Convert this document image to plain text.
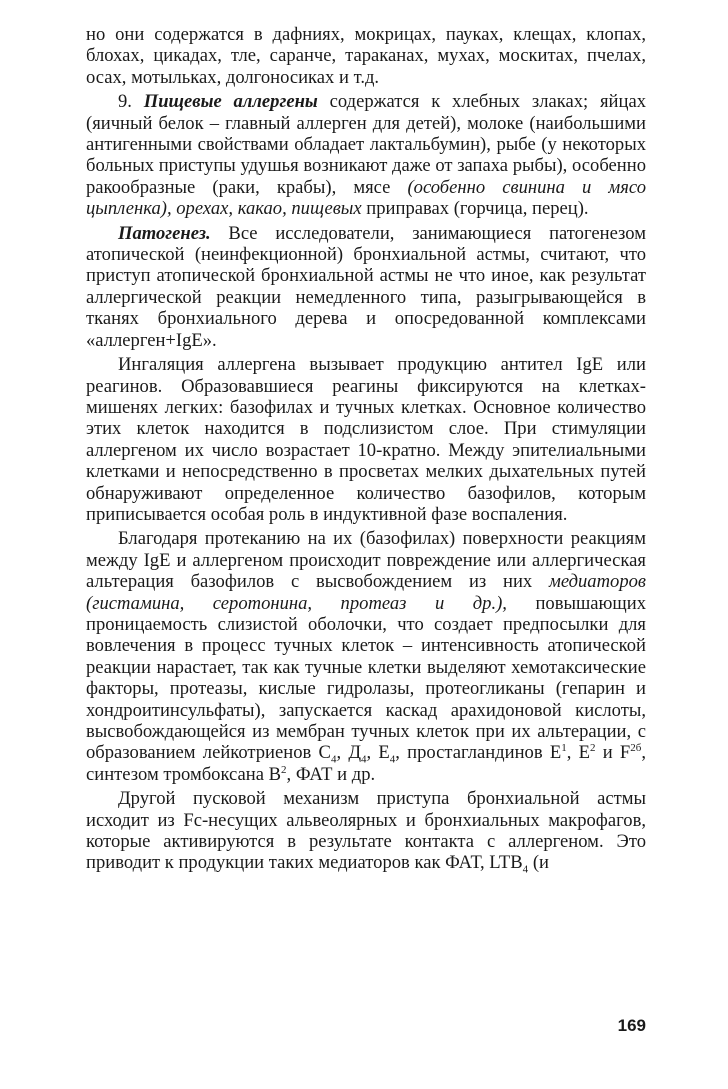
но они содержатся в дафниях, мокрицах, пауках, клещах, клопах, блохах, цикадах, тле, саранче, тараканах, мухах, москитах, пчелах, осах, мотыльках, долгоносиках и т.д.

9. Пищевые аллергены содержатся к хлебных злаках; яйцах (яичный белок – главный аллерген для детей), молоке (наибольшими антигенными свойствами обладает лактальбумин), рыбе (у некоторых больных приступы удушья возникают даже от запаха рыбы), особенно ракообразные (раки, крабы), мясе (особенно свинина и мясо цыпленка), орехах, какао, пищевых приправах (горчица, перец).

Патогенез. Все исследователи, занимающиеся патогенезом атопической (неинфекционной) бронхиальной астмы, считают, что приступ атопической бронхиальной астмы не что иное, как результат аллергической реакции немедленного типа, разыгрывающейся в тканях бронхиального дерева и опосредованной комплексами «аллерген+IgE».

Ингаляция аллергена вызывает продукцию антител IgE или реагинов. Образовавшиеся реагины фиксируются на клетках-мишенях легких: базофилах и тучных клетках. Основное количество этих клеток находится в подслизистом слое. При стимуляции аллергеном их число возрастает 10-кратно. Между эпителиальными клетками и непосредственно в просветах мелких дыхательных путей обнаруживают определенное количество базофилов, которым приписывается особая роль в индуктивной фазе воспаления.

Благодаря протеканию на их (базофилах) поверхности реакциям между IgE и аллергеном происходит повреждение или аллергическая альтерация базофилов с высвобождением из них медиаторов (гистамина, серотонина, протеаз и др.), повышающих проницаемость слизистой оболочки, что создает предпосылки для вовлечения в процесс тучных клеток – интенсивность атопической реакции нарастает, так как тучные клетки выделяют хемотаксические факторы, протеазы, кислые гидролазы, протеогликаны (гепарин и хондроитинсульфаты), запускается каскад арахидоновой кислоты, высвобождающейся из мембран тучных клеток при их альтерации, с образованием лейкотриенов $С_4$, $Д_4$, $Е_4$, простагландинов $Е^1$, $Е^2$ и $F^{2б}$, синтезом тромбоксана $В^2$, ФАТ и др.

Другой пусковой механизм приступа бронхиальной астмы исходит из Fc-несущих альвеолярных и бронхиальных макрофагов, которые активируются в результате контакта с аллергеном. Это приводит к продукции таких медиаторов как ФАТ, $LTB_4$ (и

169
